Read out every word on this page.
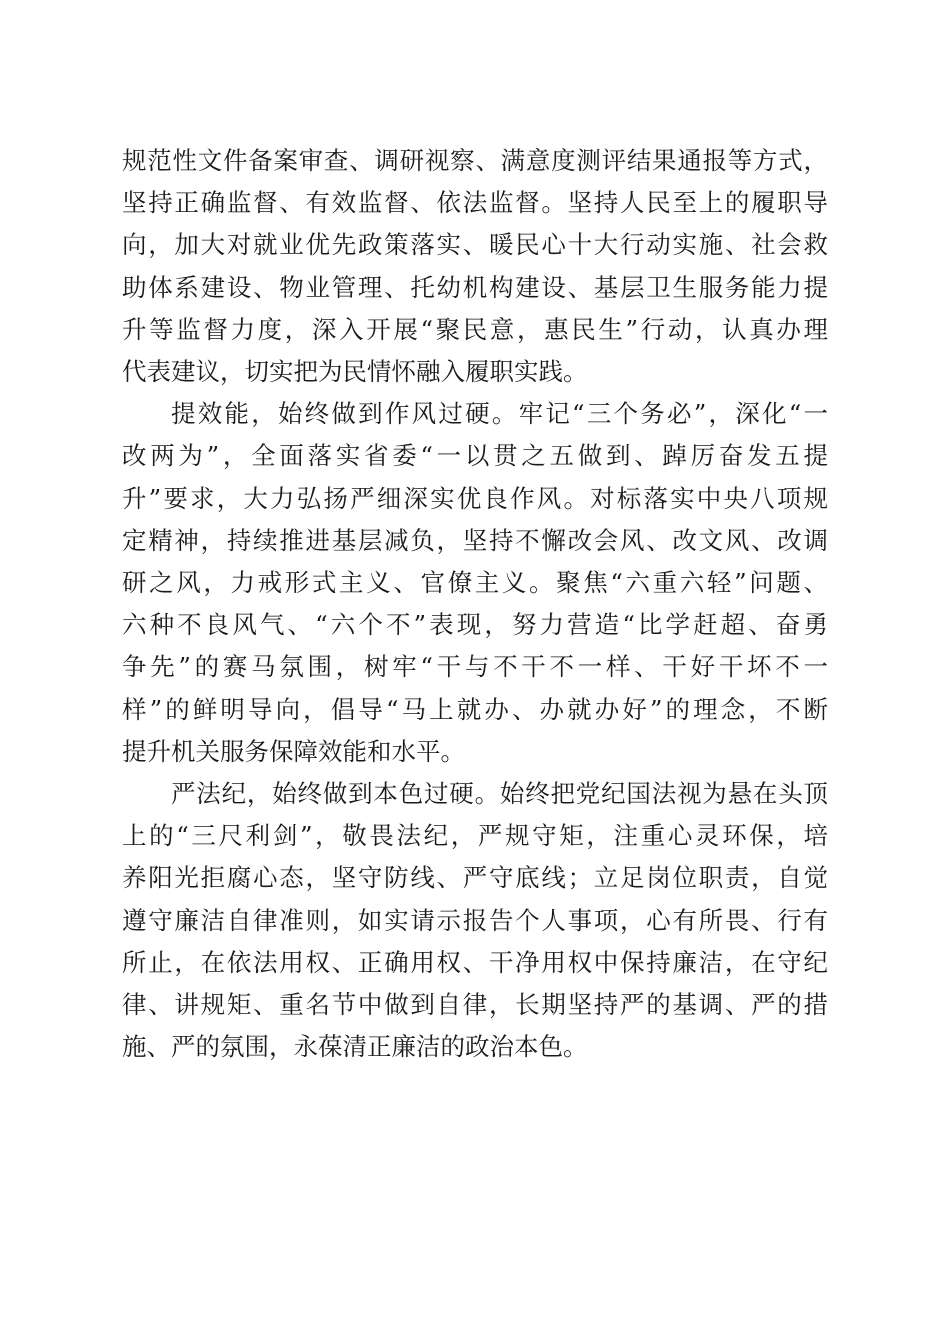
规范性文件备案审查、调研视察、满意度测评结果通报等方式，
坚持正确监督、有效监督、依法监督。坚持人民至上的履职导
向，加大对就业优先政策落实、暖民心十大行动实施、社会救
助体系建设、物业管理、托幼机构建设、基层卫生服务能力提
升等监督力度，深入开展“聚民意，惠民生”行动，认真办理
代表建议，切实把为民情怀融入履职实践。

提效能，始终做到作风过硬。牢记“三个务必”，深化“一
改两为”，全面落实省委“一以贯之五做到、踔厉奋发五提
升”要求，大力弘扬严细深实优良作风。对标落实中央八项规
定精神，持续推进基层减负，坚持不懈改会风、改文风、改调
研之风，力戒形式主义、官僚主义。聚焦“六重六轻”问题、
六种不良风气、“六个不”表现，努力营造“比学赶超、奋勇
争先”的赛马氛围，树牢“干与不干不一样、干好干坏不一
样”的鲜明导向，倡导“马上就办、办就办好”的理念，不断
提升机关服务保障效能和水平。

严法纪，始终做到本色过硬。始终把党纪国法视为悬在头顶
上的“三尺利剑”，敬畏法纪，严规守矩，注重心灵环保，培
养阳光拒腐心态，坚守防线、严守底线；立足岗位职责，自觉
遵守廉洁自律准则，如实请示报告个人事项，心有所畏、行有
所止，在依法用权、正确用权、干净用权中保持廉洁，在守纪
律、讲规矩、重名节中做到自律，长期坚持严的基调、严的措
施、严的氛围，永葆清正廉洁的政治本色。
